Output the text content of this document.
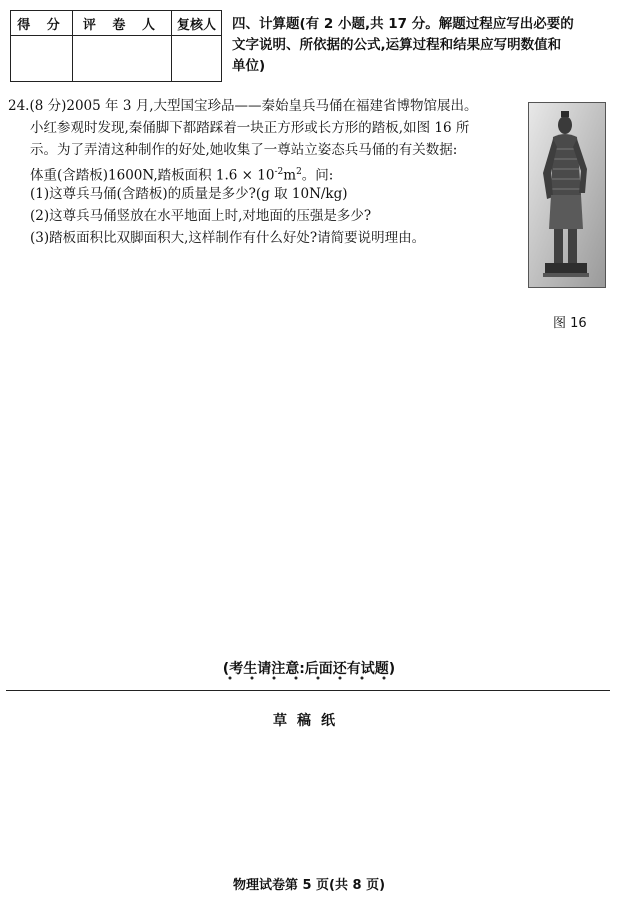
得 分	评 卷 人	复核人
		四、计算题(有 2 小题,共 17 分。解题过程应写出必要的
文字说明、所依据的公式,运算过程和结果应写明数值和
单位)
24.(8 分)2005 年 3 月,大型国宝珍品——秦始皇兵马俑在福建省博物馆展出。
小红参观时发现,秦俑脚下都踏踩着一块正方形或长方形的踏板,如图 16 所
示。为了弄清这种制作的好处,她收集了一尊站立姿态兵马俑的有关数据:
体重(含踏板)1600N,踏板面积 $1.6 \times 10^{-2}m^2$。问:
(1)这尊兵马俑(含踏板)的质量是多少?(g 取 10N/kg)
(2)这尊兵马俑竖放在水平地面上时,对地面的压强是多少?
(3)踏板面积比双脚面积大,这样制作有什么好处?请简要说明理由。
图 16
(考生请注意:后面还有试题)
草稿纸
物理试卷第 5 页(共 8 页)
